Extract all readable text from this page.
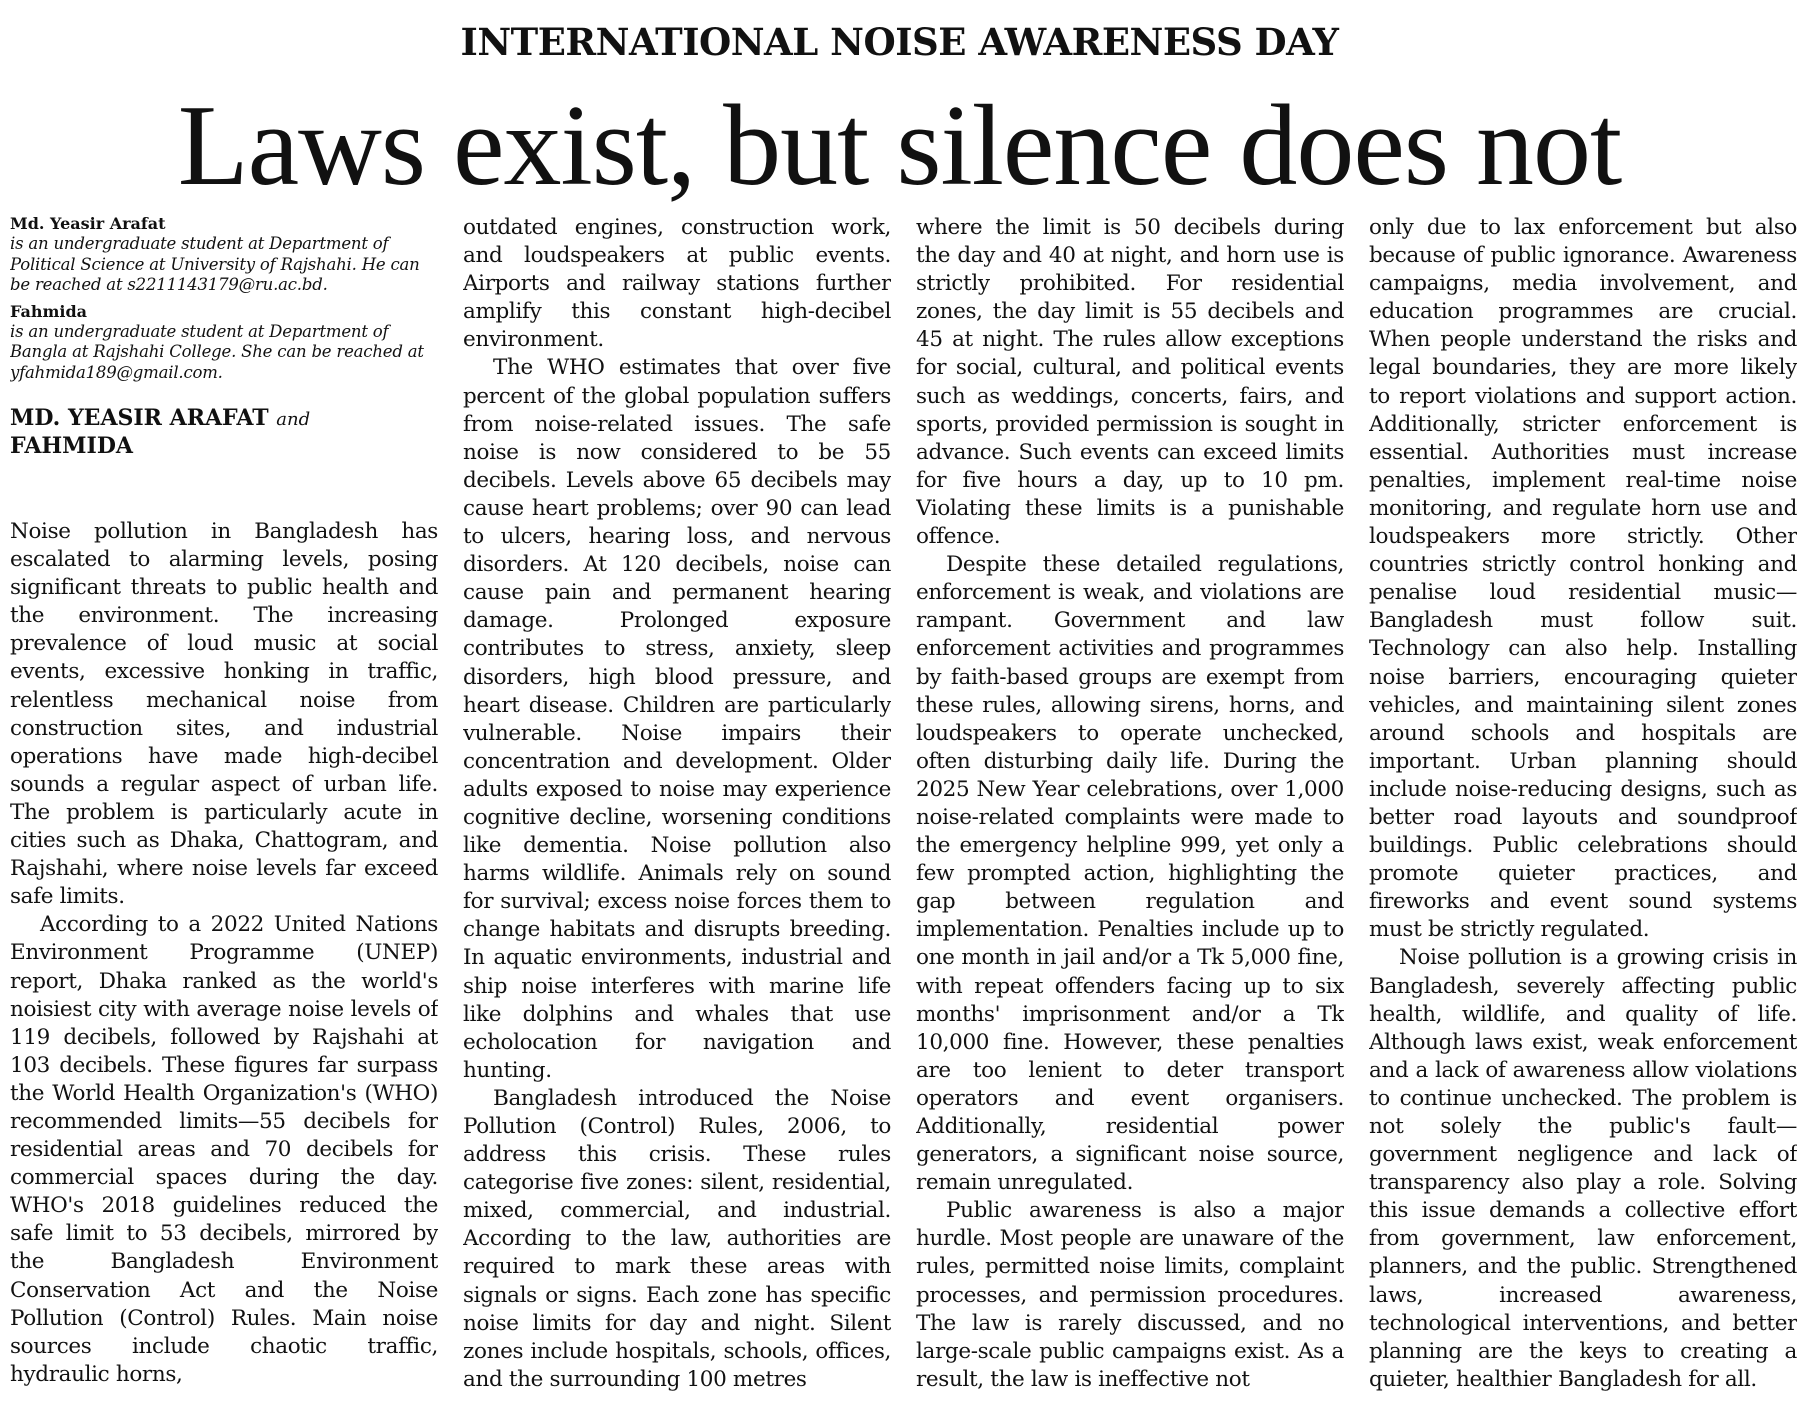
INTERNATIONAL NOISE AWARENESS DAY
Laws exist, but silence does not
Md. Yeasir Arafat
is an undergraduate student at Department of Political Science at University of Rajshahi. He can be reached at s2211143179@ru.ac.bd.
Fahmida
is an undergraduate student at Department of Bangla at Rajshahi College. She can be reached at yfahmida189@gmail.com.
MD. YEASIR ARAFAT and
FAHMIDA

Noise pollution in Bangladesh has escalated to alarming levels, posing significant threats to public health and the environment. The increasing prevalence of loud music at social events, excessive honking in traffic, relentless mechanical noise from construction sites, and industrial operations have made high-decibel sounds a regular aspect of urban life. The problem is particularly acute in cities such as Dhaka, Chattogram, and Rajshahi, where noise levels far exceed safe limits.

According to a 2022 United Nations Environment Programme (UNEP) report, Dhaka ranked as the world's noisiest city with average noise levels of 119 decibels, followed by Rajshahi at 103 decibels. These figures far surpass the World Health Organization's (WHO) recommended limits—55 decibels for residential areas and 70 decibels for commercial spaces during the day. WHO's 2018 guidelines reduced the safe limit to 53 decibels, mirrored by the Bangladesh Environment Conservation Act and the Noise Pollution (Control) Rules. Main noise sources include chaotic traffic, hydraulic horns,

outdated engines, construction work, and loudspeakers at public events. Airports and railway stations further amplify this constant high-decibel environment.

The WHO estimates that over five percent of the global population suffers from noise-related issues. The safe noise is now considered to be 55 decibels. Levels above 65 decibels may cause heart problems; over 90 can lead to ulcers, hearing loss, and nervous disorders. At 120 decibels, noise can cause pain and permanent hearing damage. Prolonged exposure contributes to stress, anxiety, sleep disorders, high blood pressure, and heart disease. Children are particularly vulnerable. Noise impairs their concentration and development. Older adults exposed to noise may experience cognitive decline, worsening conditions like dementia. Noise pollution also harms wildlife. Animals rely on sound for survival; excess noise forces them to change habitats and disrupts breeding. In aquatic environments, industrial and ship noise interferes with marine life like dolphins and whales that use echolocation for navigation and hunting.

Bangladesh introduced the Noise Pollution (Control) Rules, 2006, to address this crisis. These rules categorise five zones: silent, residential, mixed, commercial, and industrial. According to the law, authorities are required to mark these areas with signals or signs. Each zone has specific noise limits for day and night. Silent zones include hospitals, schools, offices, and the surrounding 100 metres

where the limit is 50 decibels during the day and 40 at night, and horn use is strictly prohibited. For residential zones, the day limit is 55 decibels and 45 at night. The rules allow exceptions for social, cultural, and political events such as weddings, concerts, fairs, and sports, provided permission is sought in advance. Such events can exceed limits for five hours a day, up to 10 pm. Violating these limits is a punishable offence.

Despite these detailed regulations, enforcement is weak, and violations are rampant. Government and law enforcement activities and programmes by faith-based groups are exempt from these rules, allowing sirens, horns, and loudspeakers to operate unchecked, often disturbing daily life. During the 2025 New Year celebrations, over 1,000 noise-related complaints were made to the emergency helpline 999, yet only a few prompted action, highlighting the gap between regulation and implementation. Penalties include up to one month in jail and/or a Tk 5,000 fine, with repeat offenders facing up to six months' imprisonment and/or a Tk 10,000 fine. However, these penalties are too lenient to deter transport operators and event organisers. Additionally, residential power generators, a significant noise source, remain unregulated.

Public awareness is also a major hurdle. Most people are unaware of the rules, permitted noise limits, complaint processes, and permission procedures. The law is rarely discussed, and no large-scale public campaigns exist. As a result, the law is ineffective not

only due to lax enforcement but also because of public ignorance. Awareness campaigns, media involvement, and education programmes are crucial. When people understand the risks and legal boundaries, they are more likely to report violations and support action. Additionally, stricter enforcement is essential. Authorities must increase penalties, implement real-time noise monitoring, and regulate horn use and loudspeakers more strictly. Other countries strictly control honking and penalise loud residential music—Bangladesh must follow suit. Technology can also help. Installing noise barriers, encouraging quieter vehicles, and maintaining silent zones around schools and hospitals are important. Urban planning should include noise-reducing designs, such as better road layouts and soundproof buildings. Public celebrations should promote quieter practices, and fireworks and event sound systems must be strictly regulated.

Noise pollution is a growing crisis in Bangladesh, severely affecting public health, wildlife, and quality of life. Although laws exist, weak enforcement and a lack of awareness allow violations to continue unchecked. The problem is not solely the public's fault—government negligence and lack of transparency also play a role. Solving this issue demands a collective effort from government, law enforcement, planners, and the public. Strengthened laws, increased awareness, technological interventions, and better planning are the keys to creating a quieter, healthier Bangladesh for all.
